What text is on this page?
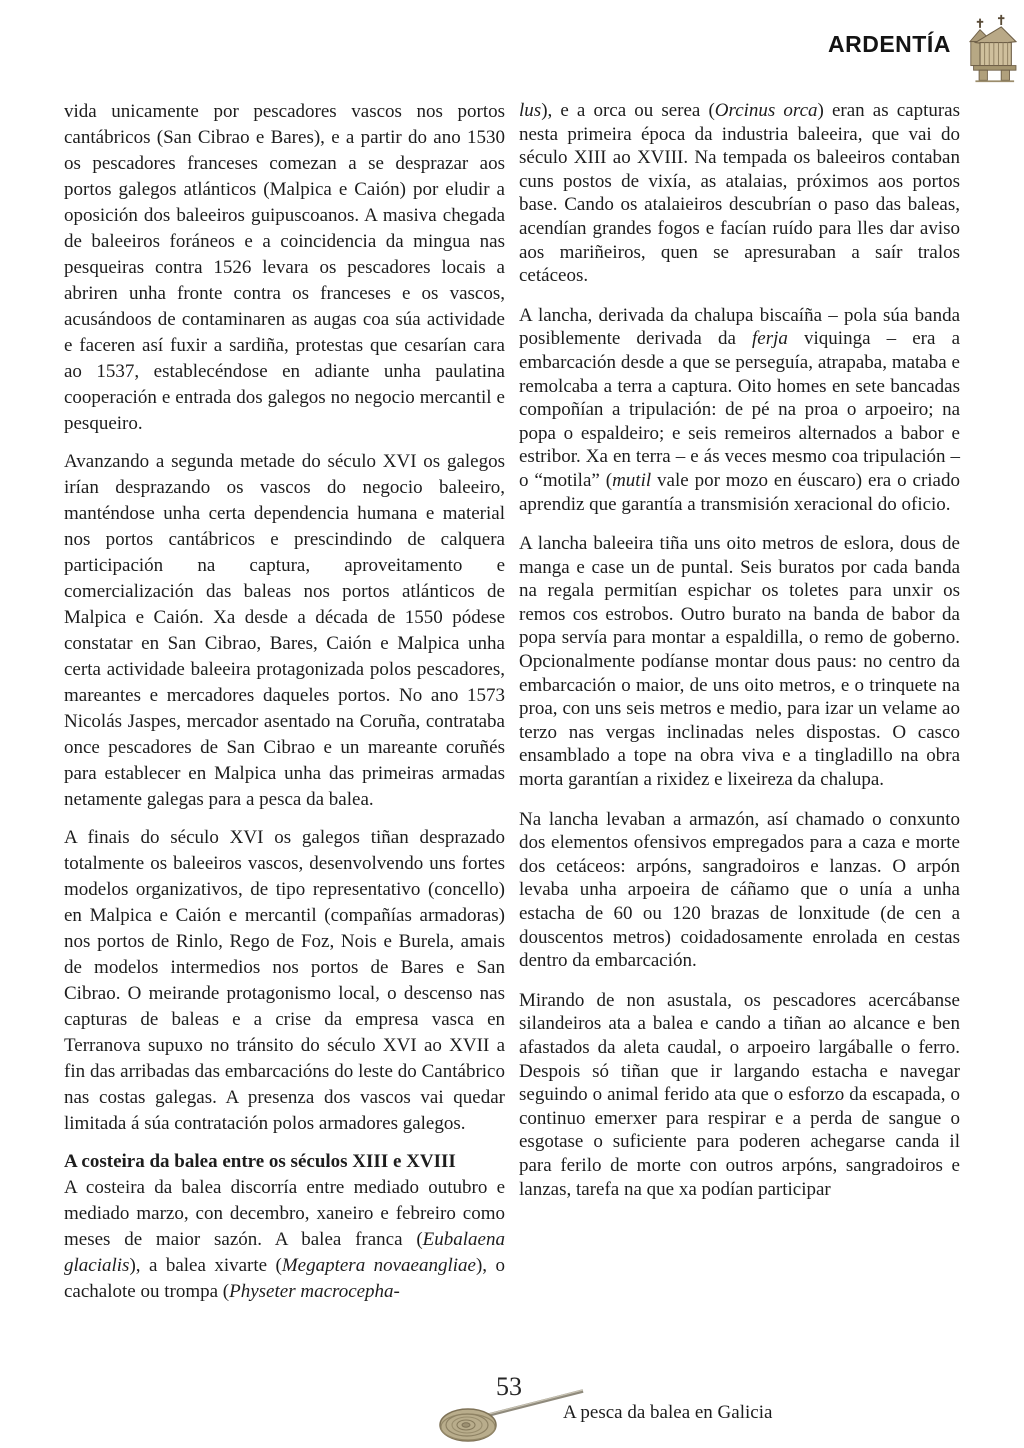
ARDENTÍA

vida unicamente por pescadores vascos nos portos cantábricos (San Cibrao e Bares), e a partir do ano 1530 os pescadores franceses comezan a se desprazar aos portos galegos atlánticos (Malpica e Caión) por eludir a oposición dos baleeiros guipuscoanos. A masiva chegada de baleeiros foráneos e a coincidencia da mingua nas pesqueiras contra 1526 levara os pescadores locais a abriren unha fronte contra os franceses e os vascos, acusándoos de contaminaren as augas coa súa actividade e faceren así fuxir a sardiña, protestas que cesarían cara ao 1537, establecéndose en adiante unha paulatina cooperación e entrada dos galegos no negocio mercantil e pesqueiro.

Avanzando a segunda metade do século XVI os galegos irían desprazando os vascos do negocio baleeiro, manténdose unha certa dependencia humana e material nos portos cantábricos e prescindindo de calquera participación na captura, aproveitamento e comercialización das baleas nos portos atlánticos de Malpica e Caión. Xa desde a década de 1550 pódese constatar en San Cibrao, Bares, Caión e Malpica unha certa actividade baleeira protagonizada polos pescadores, mareantes e mercadores daqueles portos. No ano 1573 Nicolás Jaspes, mercador asentado na Coruña, contrataba once pescadores de San Cibrao e un mareante coruñés para establecer en Malpica unha das primeiras armadas netamente galegas para a pesca da balea.

A finais do século XVI os galegos tiñan desprazado totalmente os baleeiros vascos, desenvolvendo uns fortes modelos organizativos, de tipo representativo (concello) en Malpica e Caión e mercantil (compañías armadoras) nos portos de Rinlo, Rego de Foz, Nois e Burela, amais de modelos intermedios nos portos de Bares e San Cibrao. O meirande protagonismo local, o descenso nas capturas de baleas e a crise da empresa vasca en Terranova supuxo no tránsito do século XVI ao XVII a fin das arribadas das embarcacións do leste do Cantábrico nas costas galegas. A presenza dos vascos vai quedar limitada á súa contratación polos armadores galegos.

A costeira da balea entre os séculos XIII e XVIII

A costeira da balea discorría entre mediado outubro e mediado marzo, con decembro, xaneiro e febreiro como meses de maior sazón. A balea franca (Eubalaena glacialis), a balea xivarte (Megaptera novaeangliae), o cachalote ou trompa (Physeter macrocepha-

lus), e a orca ou serea (Orcinus orca) eran as capturas nesta primeira época da industria baleeira, que vai do século XIII ao XVIII. Na tempada os baleeiros contaban cuns postos de vixía, as atalaias, próximos aos portos base. Cando os atalaieiros descubrían o paso das baleas, acendían grandes fogos e facían ruído para lles dar aviso aos mariñeiros, quen se apresuraban a saír tralos cetáceos.

A lancha, derivada da chalupa biscaíña – pola súa banda posiblemente derivada da ferja viquinga – era a embarcación desde a que se perseguía, atrapaba, mataba e remolcaba a terra a captura. Oito homes en sete bancadas compoñían a tripulación: de pé na proa o arpoeiro; na popa o espaldeiro; e seis remeiros alternados a babor e estribor. Xa en terra – e ás veces mesmo coa tripulación – o “motila” (mutil vale por mozo en éuscaro) era o criado aprendiz que garantía a transmisión xeracional do oficio.

A lancha baleeira tiña uns oito metros de eslora, dous de manga e case un de puntal. Seis buratos por cada banda na regala permitían espichar os toletes para unxir os remos cos estrobos. Outro burato na banda de babor da popa servía para montar a espaldilla, o remo de goberno. Opcionalmente podíanse montar dous paus: no centro da embarcación o maior, de uns oito metros, e o trinquete na proa, con uns seis metros e medio, para izar un velame ao terzo nas vergas inclinadas neles dispostas. O casco ensamblado a tope na obra viva e a tingladillo na obra morta garantían a rixidez e lixeireza da chalupa.

Na lancha levaban a armazón, así chamado o conxunto dos elementos ofensivos empregados para a caza e morte dos cetáceos: arpóns, sangradoiros e lanzas. O arpón levaba unha arpoeira de cáñamo que o unía a unha estacha de 60 ou 120 brazas de lonxitude (de cen a douscentos metros) coidadosamente enrolada en cestas dentro da embarcación.

Mirando de non asustala, os pescadores acercábanse silandeiros ata a balea e cando a tiñan ao alcance e ben afastados da aleta caudal, o arpoeiro largáballe o ferro. Despois só tiñan que ir largando estacha e navegar seguindo o animal ferido ata que o esforzo da escapada, o continuo emerxer para respirar e a perda de sangue o esgotase o suficiente para poderen achegarse canda il para ferilo de morte con outros arpóns, sangradoiros e lanzas, tarefa na que xa podían participar

53
A pesca da balea en Galicia
